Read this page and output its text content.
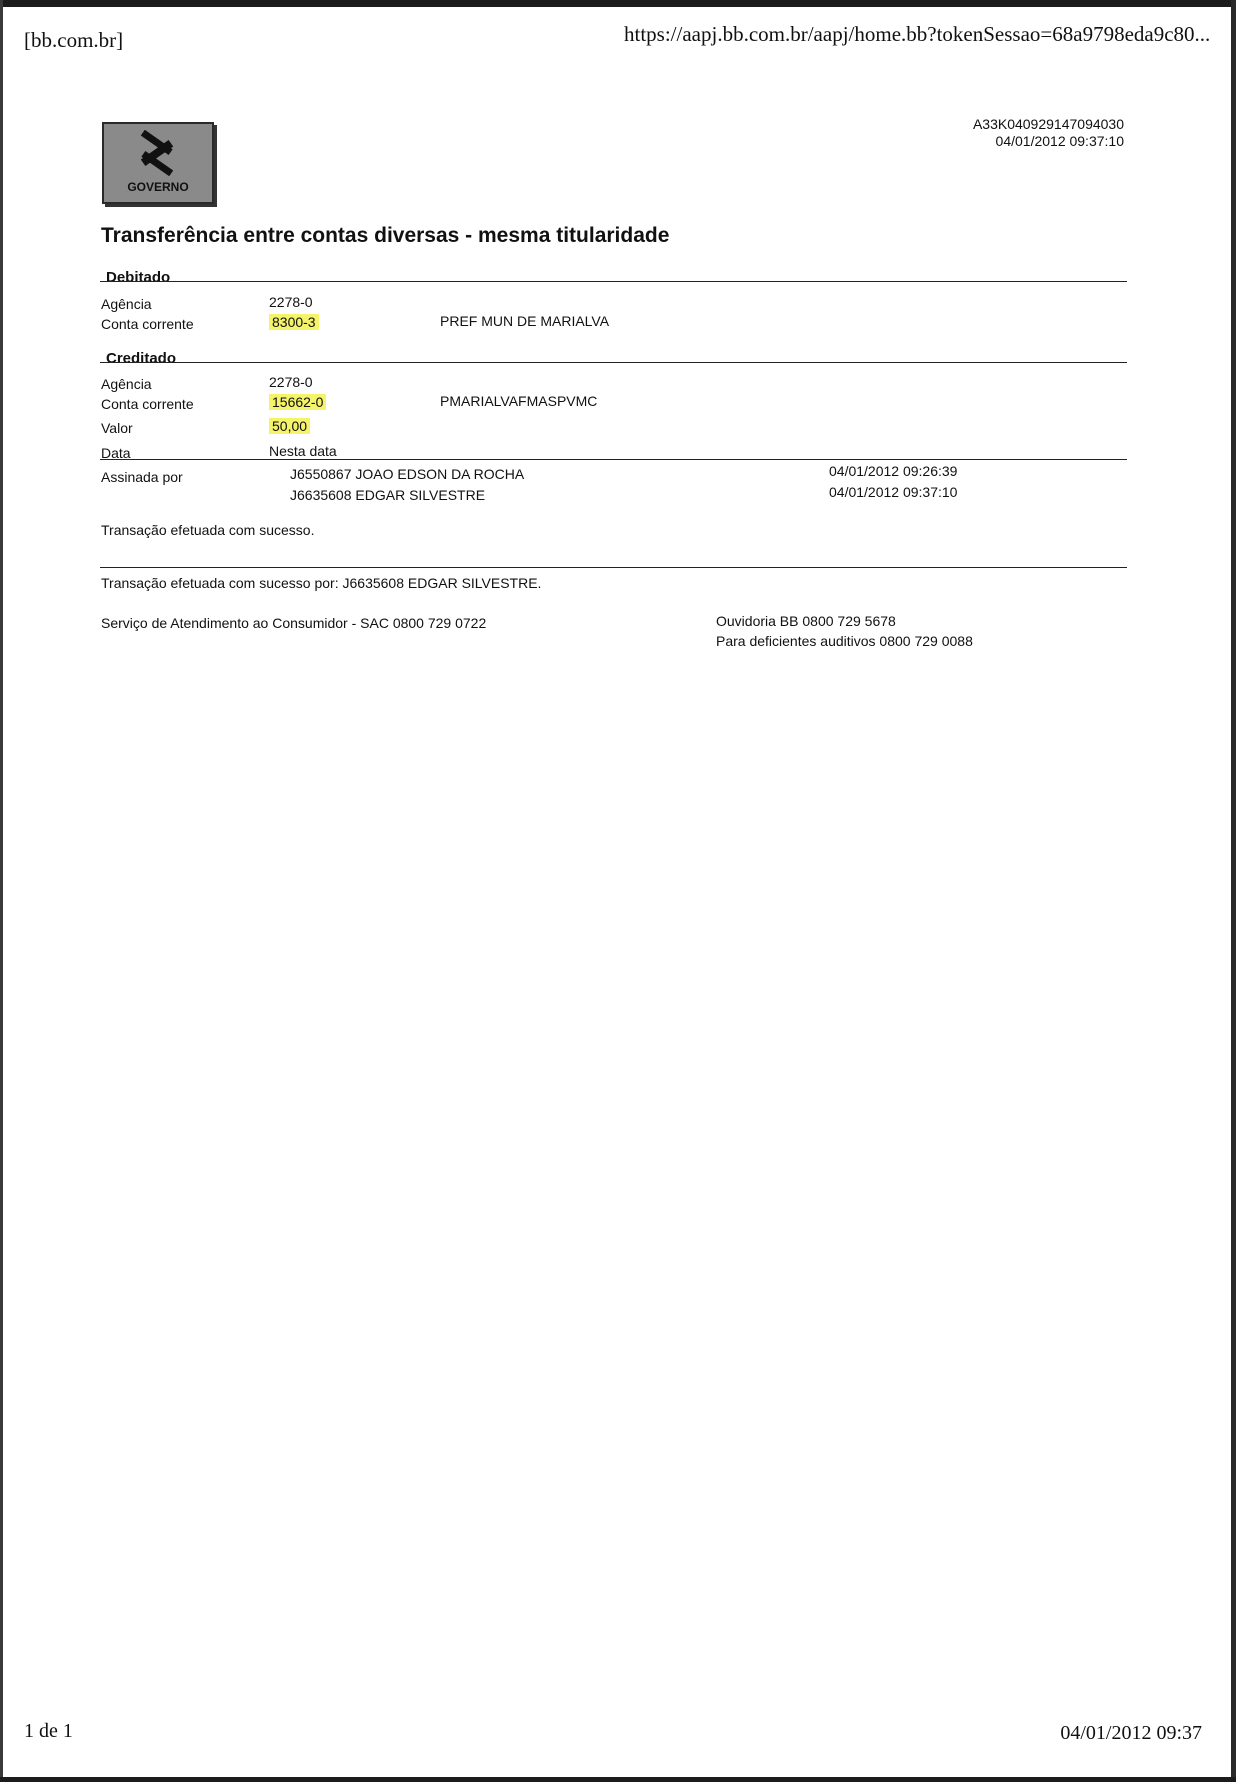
[bb.com.br]	https://aapj.bb.com.br/aapj/home.bb?tokenSessao=68a9798eda9c80...
GOVERNO
A33K040929147094030
04/01/2012 09:37:10
Transferência entre contas diversas - mesma titularidade
Debitado
Agência	2278-0
Conta corrente	8300-3	PREF MUN DE MARIALVA
Creditado
Agência	2278-0
Conta corrente	15662-0	PMARIALVAFMASPVMC
Valor	50,00
Data	Nesta data
Assinada por	J6550867 JOAO EDSON DA ROCHA	04/01/2012 09:26:39
J6635608 EDGAR SILVESTRE	04/01/2012 09:37:10
Transação efetuada com sucesso.
Transação efetuada com sucesso por: J6635608 EDGAR SILVESTRE.
Serviço de Atendimento ao Consumidor - SAC 0800 729 0722	Ouvidoria BB 0800 729 5678
Para deficientes auditivos 0800 729 0088
1 de 1	04/01/2012 09:37
